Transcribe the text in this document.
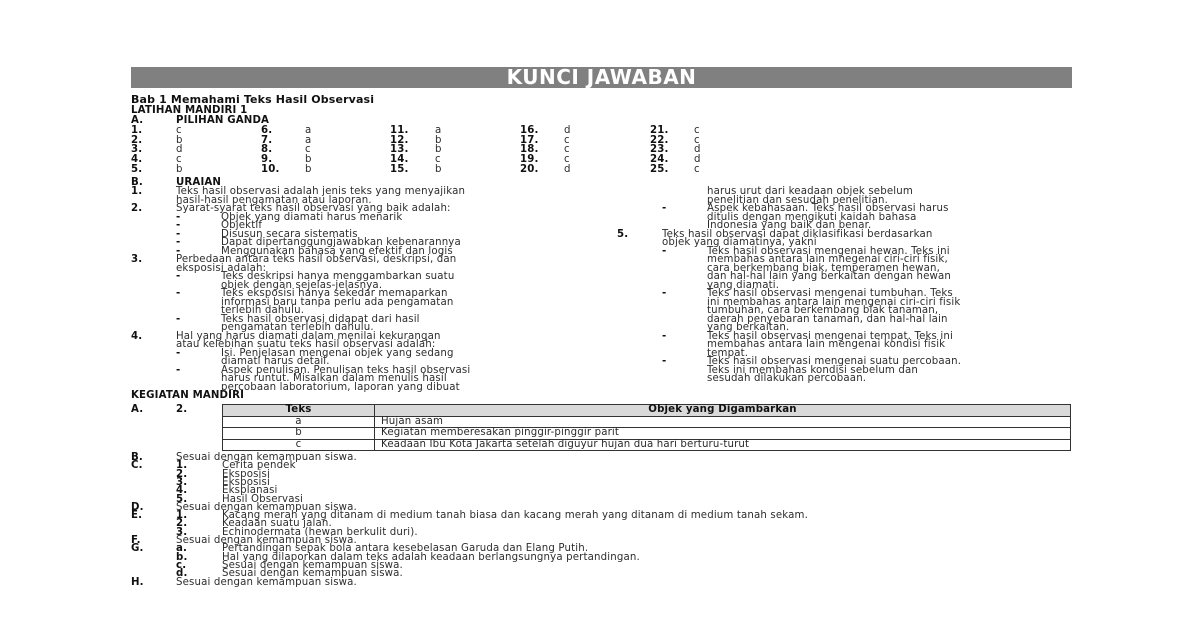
KUNCI JAWABAN
Bab 1 Memahami Teks Hasil Observasi
LATIHAN MANDIRI 1
A.	PILIHAN GANDA
B.	URAIAN
KEGIATAN MANDIRI
A.	2.	Teks	Objek yang Digambarkan
a	Hujan asam
b	Kegiatan memberesakan pinggir-pinggir parit
c	Keadaan Ibu Kota Jakarta setelah diguyur hujan dua hari berturu-turut
1.	c
2.	b
3.	d
4.	c
5.	b
6.	a
7.	a
8.	c
9.	b
10.	b
11.	a
12.	b
13.	b
14.	c
15.	b
16.	d
17.	c
18.	c
19.	c
20.	d
21.	c
22.	c
23.	d
24.	d
25.	c
1.	Teks hasil observasi adalah jenis teks yang menyajikan
hasil-hasil pengamatan atau laporan.
2.	Syarat-syarat teks hasil observasi yang baik adalah:
-	Objek yang diamati harus menarik
-	Objektif
-	Disusun secara sistematis
-	Dapat dipertanggungjawabkan kebenarannya
-	Menggunakan bahasa yang efektif dan logis
3.	Perbedaan antara teks hasil observasi, deskripsi, dan
eksposisi adalah:
-	Teks deskripsi hanya menggambarkan suatu
objek dengan sejelas-jelasnya.
-	Teks eksposisi hanya sekedar memaparkan
informasi baru tanpa perlu ada pengamatan
terlebih dahulu.
-	Teks hasil observasi didapat dari hasil
pengamatan terlebih dahulu.
4.	Hal yang harus diamati dalam menilai kekurangan
atau kelebihan suatu teks hasil observasi adalah:
-	Isi. Penjelasan mengenai objek yang sedang
diamati harus detail.
-	Aspek penulisan. Penulisan teks hasil observasi
harus runtut. Misalkan dalam menulis hasil
percobaan laboratorium, laporan yang dibuat
harus urut dari keadaan objek sebelum
penelitian dan sesudah penelitian.
-	Aspek kebahasaan. Teks hasil observasi harus
ditulis dengan mengikuti kaidah bahasa
Indonesia yang baik dan benar.
5.	Teks hasil observasi dapat diklasifikasi berdasarkan
objek yang diamatinya, yakni
-	Teks hasil observasi mengenai hewan. Teks ini
membahas antara lain mnegenai ciri-ciri fisik,
cara berkembang biak, temperamen hewan,
dan hal-hal lain yang berkaitan dengan hewan
yang diamati.
-	Teks hasil observasi mengenai tumbuhan. Teks
ini membahas antara lain mengenai ciri-ciri fisik
tumbuhan, cara berkembang biak tanaman,
daerah penyebaran tanaman, dan hal-hal lain
yang berkaitan.
-	Teks hasil observasi mengenai tempat. Teks ini
membahas antara lain mengenai kondisi fisik
tempat.
-	Teks hasil observasi mengenai suatu percobaan.
Teks ini membahas kondisi sebelum dan
sesudah dilakukan percobaan.
B.	Sesuai dengan kemampuan siswa.
C.	1.	Cerita pendek
2.	Eksposisi
3.	Eksposisi
4.	Eksplanasi
5.	Hasil Observasi
D.	Sesuai dengan kemampuan siswa.
E.	1.	Kacang merah yang ditanam di medium tanah biasa dan kacang merah yang ditanam di medium tanah sekam.
2.	Keadaan suatu jalan.
3.	Echinodermata (hewan berkulit duri).
F.	Sesuai dengan kemampuan siswa.
G.	a.	Pertandingan sepak bola antara kesebelasan Garuda dan Elang Putih.
b.	Hal yang dilaporkan dalam teks adalah keadaan berlangsungnya pertandingan.
c.	Sesuai dengan kemampuan siswa.
d.	Sesuai dengan kemampuan siswa.
H.	Sesuai dengan kemampuan siswa.
